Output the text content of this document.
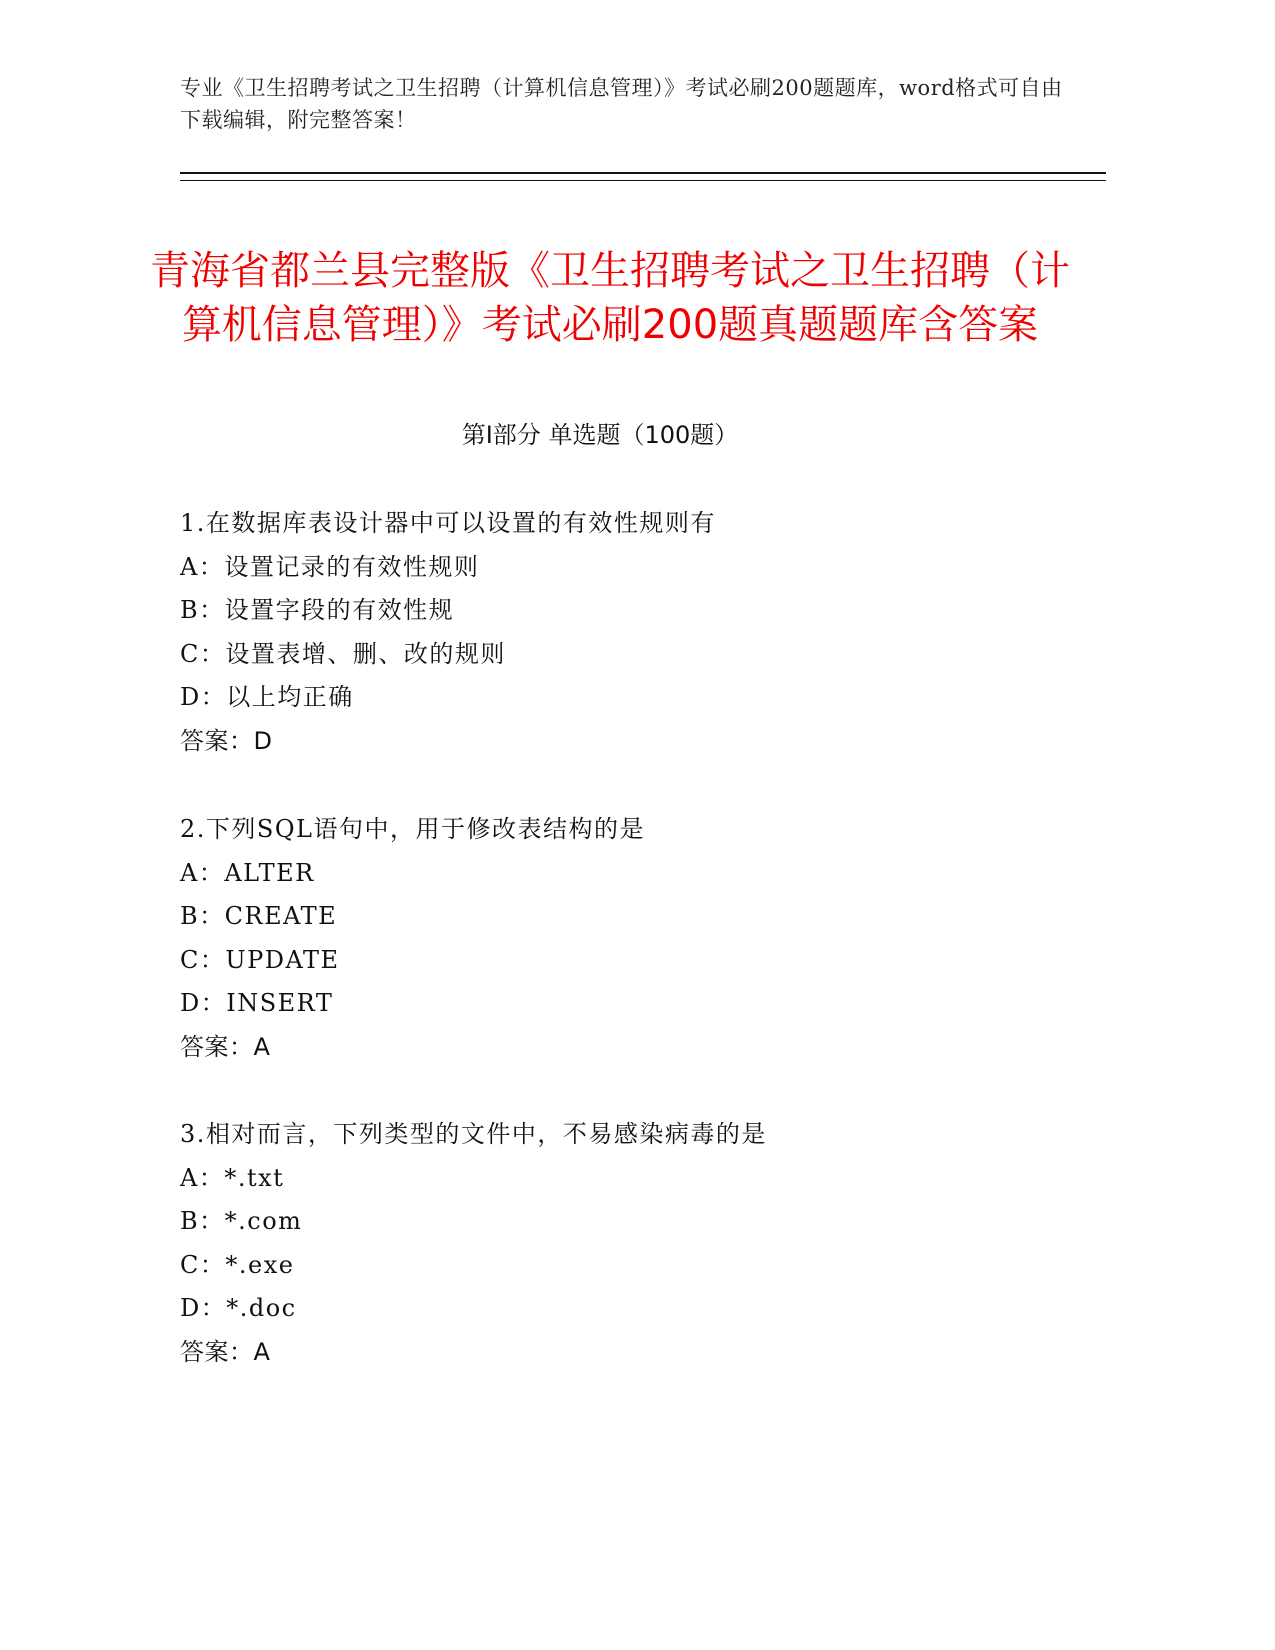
专业《卫生招聘考试之卫生招聘（计算机信息管理）》考试必刷200题题库，word格式可自由下载编辑，附完整答案！
青海省都兰县完整版《卫生招聘考试之卫生招聘（计算机信息管理）》考试必刷200题真题题库含答案
第Ⅰ部分 单选题（100题）
1.在数据库表设计器中可以设置的有效性规则有
A：设置记录的有效性规则
B：设置字段的有效性规
C：设置表增、删、改的规则
D：以上均正确
答案：D
2.下列SQL语句中，用于修改表结构的是
A：ALTER
B：CREATE
C：UPDATE
D：INSERT
答案：A
3.相对而言，下列类型的文件中，不易感染病毒的是
A：*.txt
B：*.com
C：*.exe
D：*.doc
答案：A
